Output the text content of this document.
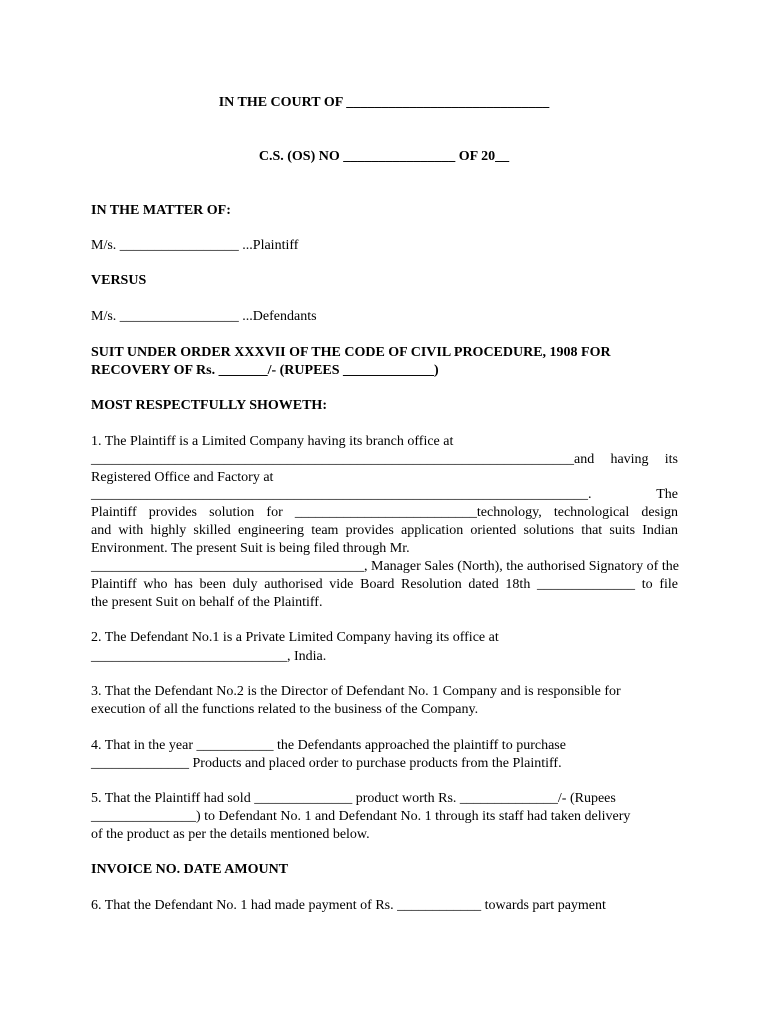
IN THE COURT OF _____________________________
C.S. (OS) NO ________________ OF 20__
IN THE MATTER OF:
M/s. _________________ ...Plaintiff
VERSUS
M/s. _________________ ...Defendants
SUIT UNDER ORDER XXXVII OF THE CODE OF CIVIL PROCEDURE, 1908 FOR
RECOVERY OF Rs. _______/- (RUPEES _____________)
MOST RESPECTFULLY SHOWETH:
1. The Plaintiff is a Limited Company having its branch office at
_____________________________________________________________________and having its
Registered Office and Factory at
_______________________________________________________________________. The
Plaintiff provides solution for __________________________technology, technological design
and with highly skilled engineering team provides application oriented solutions that suits Indian
Environment. The present Suit is being filed through Mr.
_______________________________________, Manager Sales (North), the authorised Signatory of the
Plaintiff who has been duly authorised vide Board Resolution dated 18th ______________ to file
the present Suit on behalf of the Plaintiff.
2. The Defendant No.1 is a Private Limited Company having its office at
____________________________, India.
3. That the Defendant No.2 is the Director of Defendant No. 1 Company and is responsible for
execution of all the functions related to the business of the Company.
4. That in the year ___________ the Defendants approached the plaintiff to purchase
______________ Products and placed order to purchase products from the Plaintiff.
5. That the Plaintiff had sold ______________ product worth Rs. ______________/- (Rupees
_______________) to Defendant No. 1 and Defendant No. 1 through its staff had taken delivery
of the product as per the details mentioned below.
INVOICE NO. DATE AMOUNT
6. That the Defendant No. 1 had made payment of Rs. ____________ towards part payment
